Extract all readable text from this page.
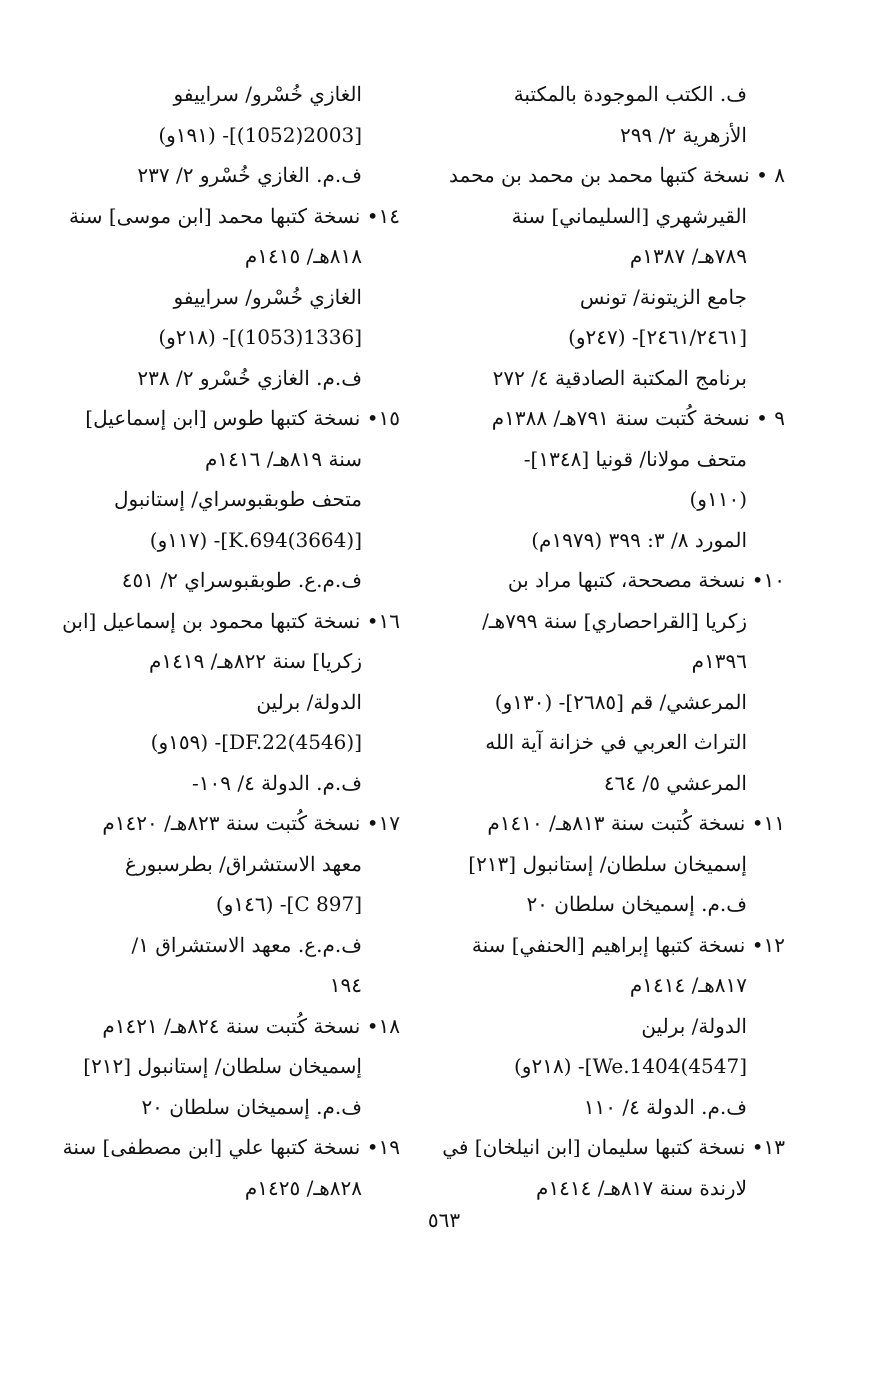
ف. الكتب الموجودة بالمكتبة
الأزهرية ٢/ ٢٩٩
٨ • نسخة كتبها محمد بن محمد بن محمد
القيرشهري [السليماني] سنة
٧٨٩هـ/ ١٣٨٧م
جامع الزيتونة/ تونس
[٢٤٦١/٢٤٦١]- (٢٤٧و)
برنامج المكتبة الصادقية ٤/ ٢٧٢
٩ • نسخة كُتبت سنة ٧٩١هـ/ ١٣٨٨م
متحف مولانا/ قونيا [١٣٤٨]-
(١١٠و)
المورد ٨/ ٣: ٣٩٩ (١٩٧٩م)
١٠• نسخة مصححة، كتبها مراد بن
زكريا [القراحصاري] سنة ٧٩٩هـ/
١٣٩٦م
المرعشي/ قم [٢٦٨٥]- (١٣٠و)
التراث العربي في خزانة آية الله
المرعشي ٥/ ٤٦٤
١١• نسخة كُتبت سنة ٨١٣هـ/ ١٤١٠م
إسميخان سلطان/ إستانبول [٢١٣]
ف.م. إسميخان سلطان ٢٠
١٢• نسخة كتبها إبراهيم [الحنفي] سنة
٨١٧هـ/ ١٤١٤م
الدولة/ برلين
[4547)We.1404]- (٢١٨و)
ف.م. الدولة ٤/ ١١٠
١٣• نسخة كتبها سليمان [ابن انيلخان] في
لارندة سنة ٨١٧هـ/ ١٤١٤م
الغازي خُسْرو/ سراييفو
[2003(1052)]- (١٩١و)
ف.م. الغازي خُسْرو ٢/ ٢٣٧
١٤• نسخة كتبها محمد [ابن موسى] سنة
٨١٨هـ/ ١٤١٥م
الغازي خُسْرو/ سراييفو
[1336(1053)]- (٢١٨و)
ف.م. الغازي خُسْرو ٢/ ٢٣٨
١٥• نسخة كتبها طوس [ابن إسماعيل]
سنة ٨١٩هـ/ ١٤١٦م
متحف طوبقبوسراي/ إستانبول
[K.694(3664)]- (١١٧و)
ف.م.ع. طوبقبوسراي ٢/ ٤٥١
١٦• نسخة كتبها محمود بن إسماعيل [ابن
زكريا] سنة ٨٢٢هـ/ ١٤١٩م
الدولة/ برلين
[DF.22(4546)]- (١٥٩و)
ف.م. الدولة ٤/ ١٠٩-
١٧• نسخة كُتبت سنة ٨٢٣هـ/ ١٤٢٠م
معهد الاستشراق/ بطرسبورغ
[C 897]- (١٤٦و)
ف.م.ع. معهد الاستشراق ١/
١٩٤
١٨• نسخة كُتبت سنة ٨٢٤هـ/ ١٤٢١م
إسميخان سلطان/ إستانبول [٢١٢]
ف.م. إسميخان سلطان ٢٠
١٩• نسخة كتبها علي [ابن مصطفى] سنة
٨٢٨هـ/ ١٤٢٥م
٥٦٣
